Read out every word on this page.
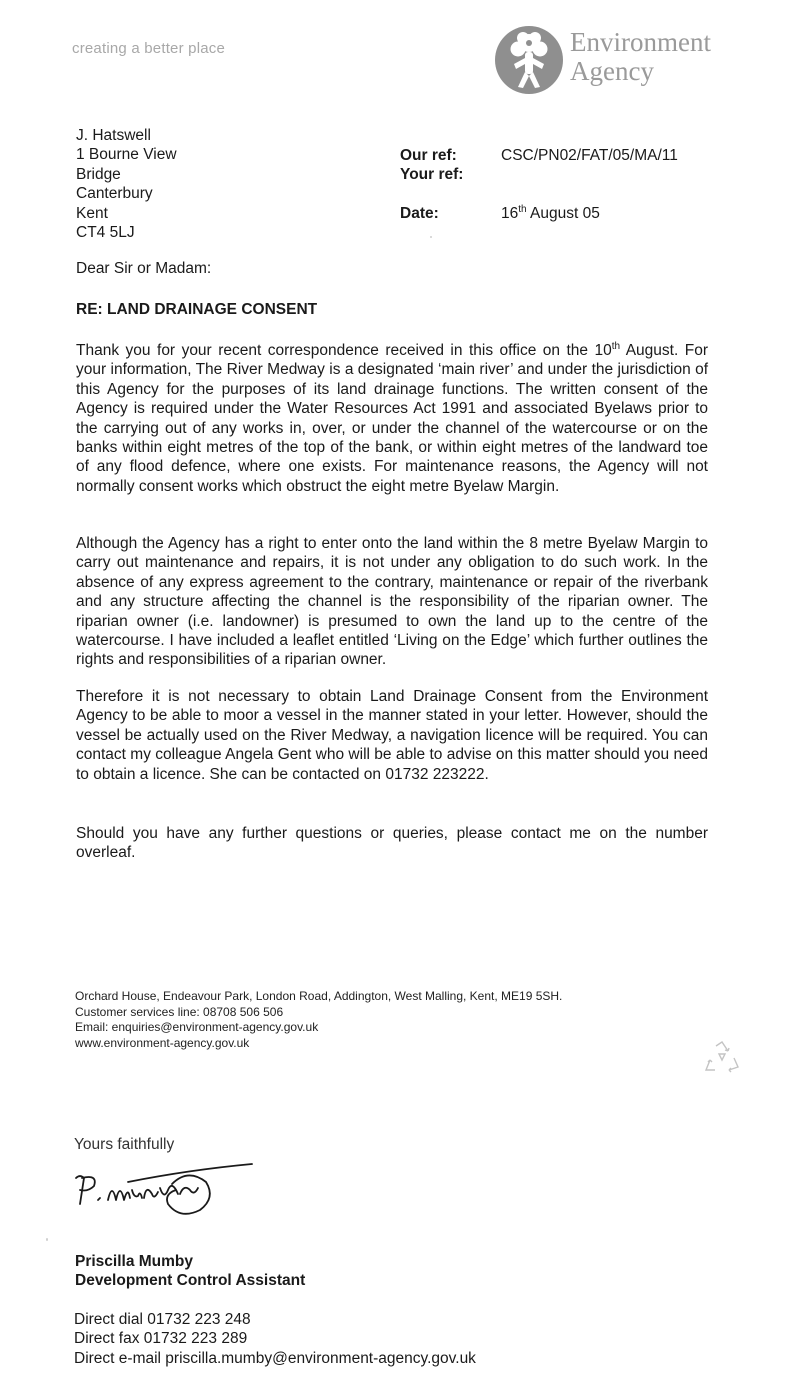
creating a better place	Environment
Agency
J. Hatswell
1 Bourne View
Bridge
Canterbury
Kent
CT4 5LJ
Our ref:	CSC/PN02/FAT/05/MA/11
Your ref:
Date:	16th August 05
Dear Sir or Madam:
RE: LAND DRAINAGE CONSENT
Thank you for your recent correspondence received in this office on the 10th August. For your information, The River Medway is a designated ‘main river’ and under the jurisdiction of this Agency for the purposes of its land drainage functions. The written consent of the Agency is required under the Water Resources Act 1991 and associated Byelaws prior to the carrying out of any works in, over, or under the channel of the watercourse or on the banks within eight metres of the top of the bank, or within eight metres of the landward toe of any flood defence, where one exists. For maintenance reasons, the Agency will not normally consent works which obstruct the eight metre Byelaw Margin.
Although the Agency has a right to enter onto the land within the 8 metre Byelaw Margin to carry out maintenance and repairs, it is not under any obligation to do such work. In the absence of any express agreement to the contrary, maintenance or repair of the riverbank and any structure affecting the channel is the responsibility of the riparian owner. The riparian owner (i.e. landowner) is presumed to own the land up to the centre of the watercourse. I have included a leaflet entitled ‘Living on the Edge’ which further outlines the rights and responsibilities of a riparian owner.
Therefore it is not necessary to obtain Land Drainage Consent from the Environment Agency to be able to moor a vessel in the manner stated in your letter. However, should the vessel be actually used on the River Medway, a navigation licence will be required. You can contact my colleague Angela Gent who will be able to advise on this matter should you need to obtain a licence. She can be contacted on 01732 223222.
Should you have any further questions or queries, please contact me on the number overleaf.
Orchard House, Endeavour Park, London Road, Addington, West Malling, Kent, ME19 5SH.
Customer services line: 08708 506 506
Email: enquiries@environment-agency.gov.uk
www.environment-agency.gov.uk
Yours faithfully
Priscilla Mumby
Development Control Assistant
Direct dial 01732 223 248
Direct fax 01732 223 289
Direct e-mail priscilla.mumby@environment-agency.gov.uk
